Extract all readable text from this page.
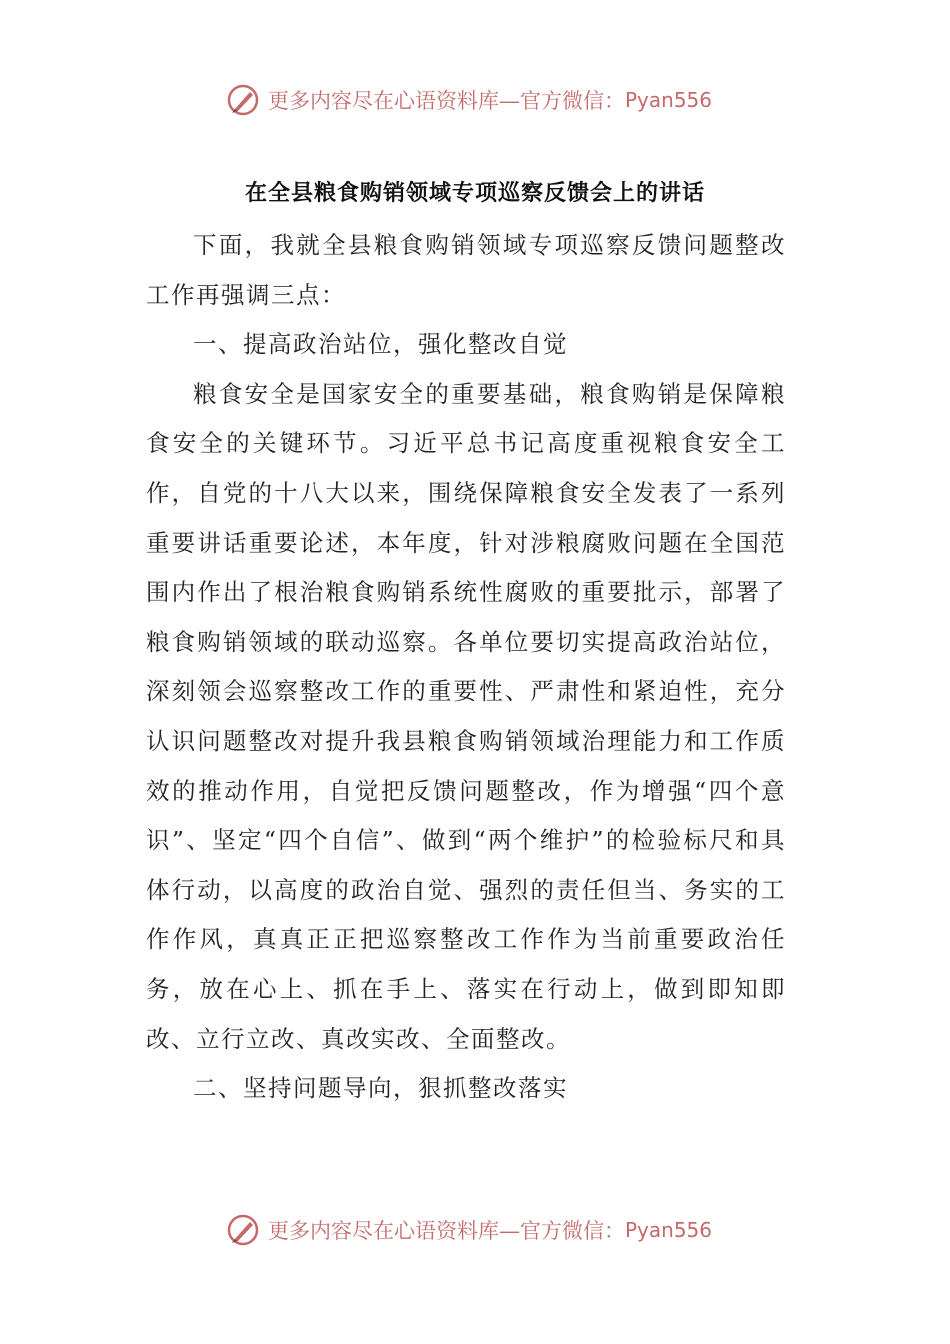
更多内容尽在心语资料库—官方微信： Pyan556
在全县粮食购销领域专项巡察反馈会上的讲话

下面，我就全县粮食购销领域专项巡察反馈问题整改工作再强调三点：

一、提高政治站位，强化整改自觉

粮食安全是国家安全的重要基础，粮食购销是保障粮食安全的关键环节。习近平总书记高度重视粮食安全工作，自党的十八大以来，围绕保障粮食安全发表了一系列重要讲话重要论述，本年度，针对涉粮腐败问题在全国范围内作出了根治粮食购销系统性腐败的重要批示，部署了粮食购销领域的联动巡察。各单位要切实提高政治站位，深刻领会巡察整改工作的重要性、严肃性和紧迫性，充分认识问题整改对提升我县粮食购销领域治理能力和工作质效的推动作用，自觉把反馈问题整改，作为增强“四个意识”、坚定“四个自信”、做到“两个维护”的检验标尺和具体行动，以高度的政治自觉、强烈的责任但当、务实的工作作风，真真正正把巡察整改工作作为当前重要政治任务，放在心上、抓在手上、落实在行动上，做到即知即改、立行立改、真改实改、全面整改。

二、坚持问题导向，狠抓整改落实

更多内容尽在心语资料库—官方微信： Pyan556
